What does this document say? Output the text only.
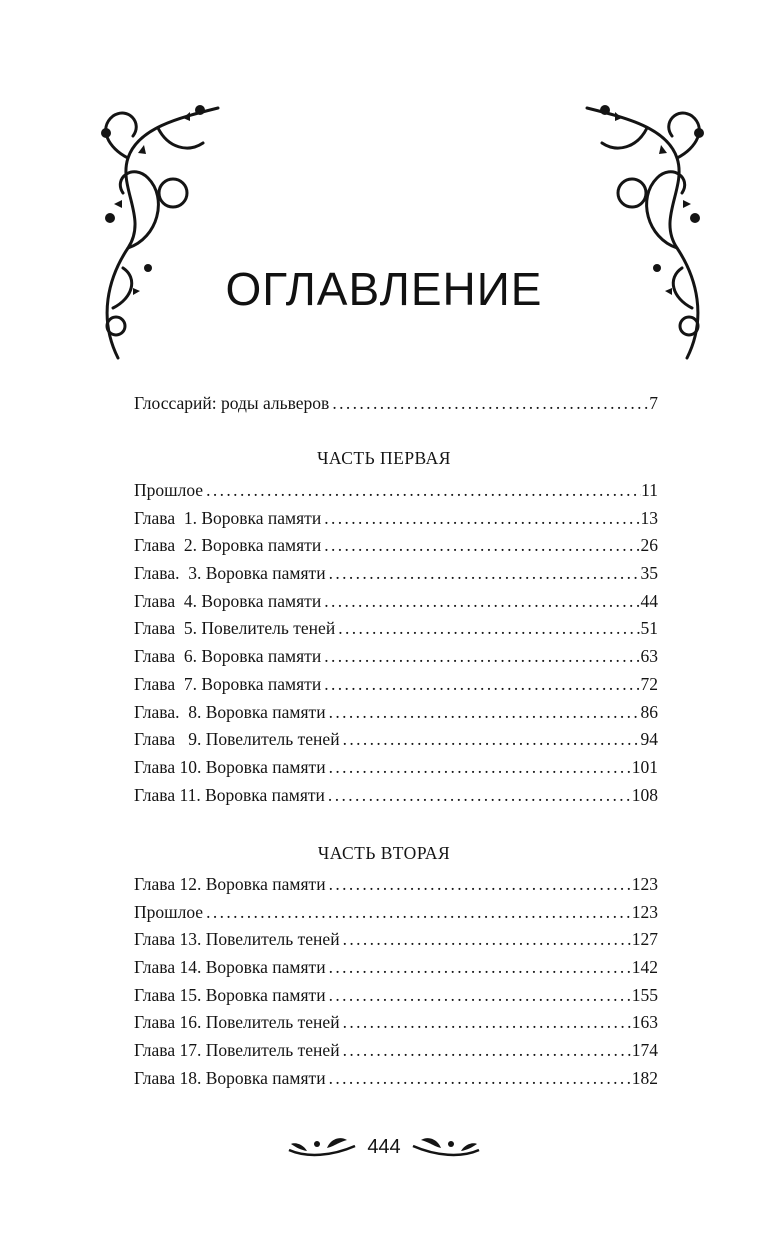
ОГЛАВЛЕНИЕ
Глоссарий: роды альверов .....	7
ЧАСТЬ ПЕРВАЯ
Прошлое .....	11
Глава  1. Воровка памяти .....	13
Глава  2. Воровка памяти .....	26
Глава.  3. Воровка памяти .....	35
Глава  4. Воровка памяти .....	44
Глава  5. Повелитель теней .....	51
Глава  6. Воровка памяти .....	63
Глава  7. Воровка памяти .....	72
Глава.  8. Воровка памяти .....	86
Глава   9. Повелитель теней .....	94
Глава 10. Воровка памяти .....	101
Глава 11. Воровка памяти .....	108
ЧАСТЬ ВТОРАЯ
Глава 12. Воровка памяти .....	123
Прошлое .....	123
Глава 13. Повелитель теней .....	127
Глава 14. Воровка памяти .....	142
Глава 15. Воровка памяти .....	155
Глава 16. Повелитель теней .....	163
Глава 17. Повелитель теней .....	174
Глава 18. Воровка памяти .....	182
444
